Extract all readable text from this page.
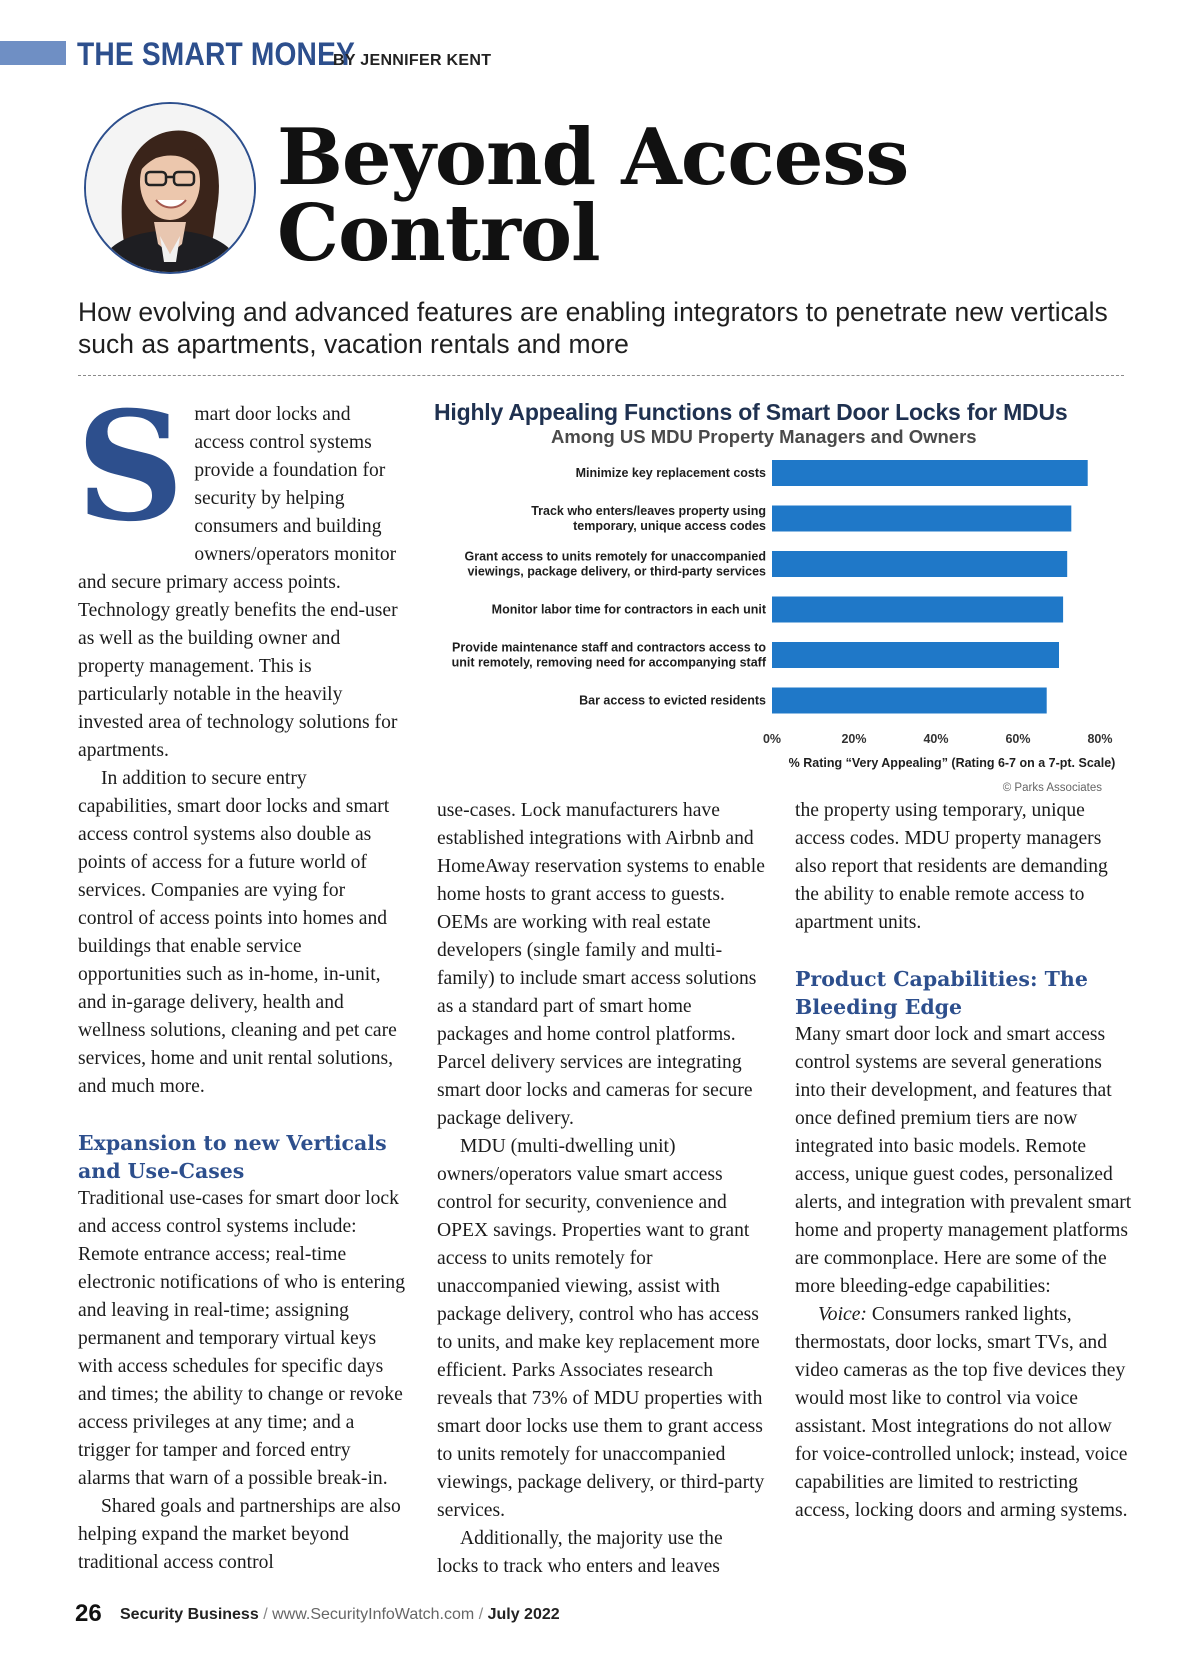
THE SMART MONEY
BY JENNIFER KENT
Beyond Access
Control
How evolving and advanced features are enabling integrators to penetrate new verticals such as apartments, vacation rentals and more
S mart door locks and access control systems provide a foundation for security by helping consumers and building owners/operators monitor and secure primary access points. Technology greatly benefits the end-user as well as the building owner and property management. This is particularly notable in the heavily invested area of technology solutions for apartments.

In addition to secure entry capabilities, smart door locks and smart access control systems also double as points of access for a future world of services. Companies are vying for control of access points into homes and buildings that enable service opportunities such as in-home, in-unit, and in-garage delivery, health and wellness solutions, cleaning and pet care services, home and unit rental solutions, and much more.

Expansion to new Verticals and Use-Cases

Traditional use-cases for smart door lock and access control systems include: Remote entrance access; real-time electronic notifications of who is entering and leaving in real-time; assigning permanent and temporary virtual keys with access schedules for specific days and times; the ability to change or revoke access privileges at any time; and a trigger for tamper and forced entry alarms that warn of a possible break-in.

Shared goals and partnerships are also helping expand the market beyond traditional access control

Highly Appealing Functions of Smart Door Locks for MDUs
Among US MDU Property Managers and Owners
Minimize key replacement costs
Track who enters/leaves property using
temporary, unique access codes
Grant access to units remotely for unaccompanied
viewings, package delivery, or third-party services
Monitor labor time for contractors in each unit
Provide maintenance staff and contractors access to
unit remotely, removing need for accompanying staff
Bar access to evicted residents
0%	20%	40%	60%	80%
% Rating “Very Appealing” (Rating 6-7 on a 7-pt. Scale)
© Parks Associates

use-cases. Lock manufacturers have established integrations with Airbnb and HomeAway reservation systems to enable home hosts to grant access to guests. OEMs are working with real estate developers (single family and multi-family) to include smart access solutions as a standard part of smart home packages and home control platforms. Parcel delivery services are integrating smart door locks and cameras for secure package delivery.

MDU (multi-dwelling unit) owners/operators value smart access control for security, convenience and OPEX savings. Properties want to grant access to units remotely for unaccompanied viewing, assist with package delivery, control who has access to units, and make key replacement more efficient. Parks Associates research reveals that 73% of MDU properties with smart door locks use them to grant access to units remotely for unaccompanied viewings, package delivery, or third-party services.

Additionally, the majority use the locks to track who enters and leaves

the property using temporary, unique access codes. MDU property managers also report that residents are demanding the ability to enable remote access to apartment units.

Product Capabilities: The Bleeding Edge

Many smart door lock and smart access control systems are several generations into their development, and features that once defined premium tiers are now integrated into basic models. Remote access, unique guest codes, personalized alerts, and integration with prevalent smart home and property management platforms are commonplace. Here are some of the more bleeding-edge capabilities:

Voice: Consumers ranked lights, thermostats, door locks, smart TVs, and video cameras as the top five devices they would most like to control via voice assistant. Most integrations do not allow for voice-controlled unlock; instead, voice capabilities are limited to restricting access, locking doors and arming systems.

26 Security Business / www.SecurityInfoWatch.com / July 2022
